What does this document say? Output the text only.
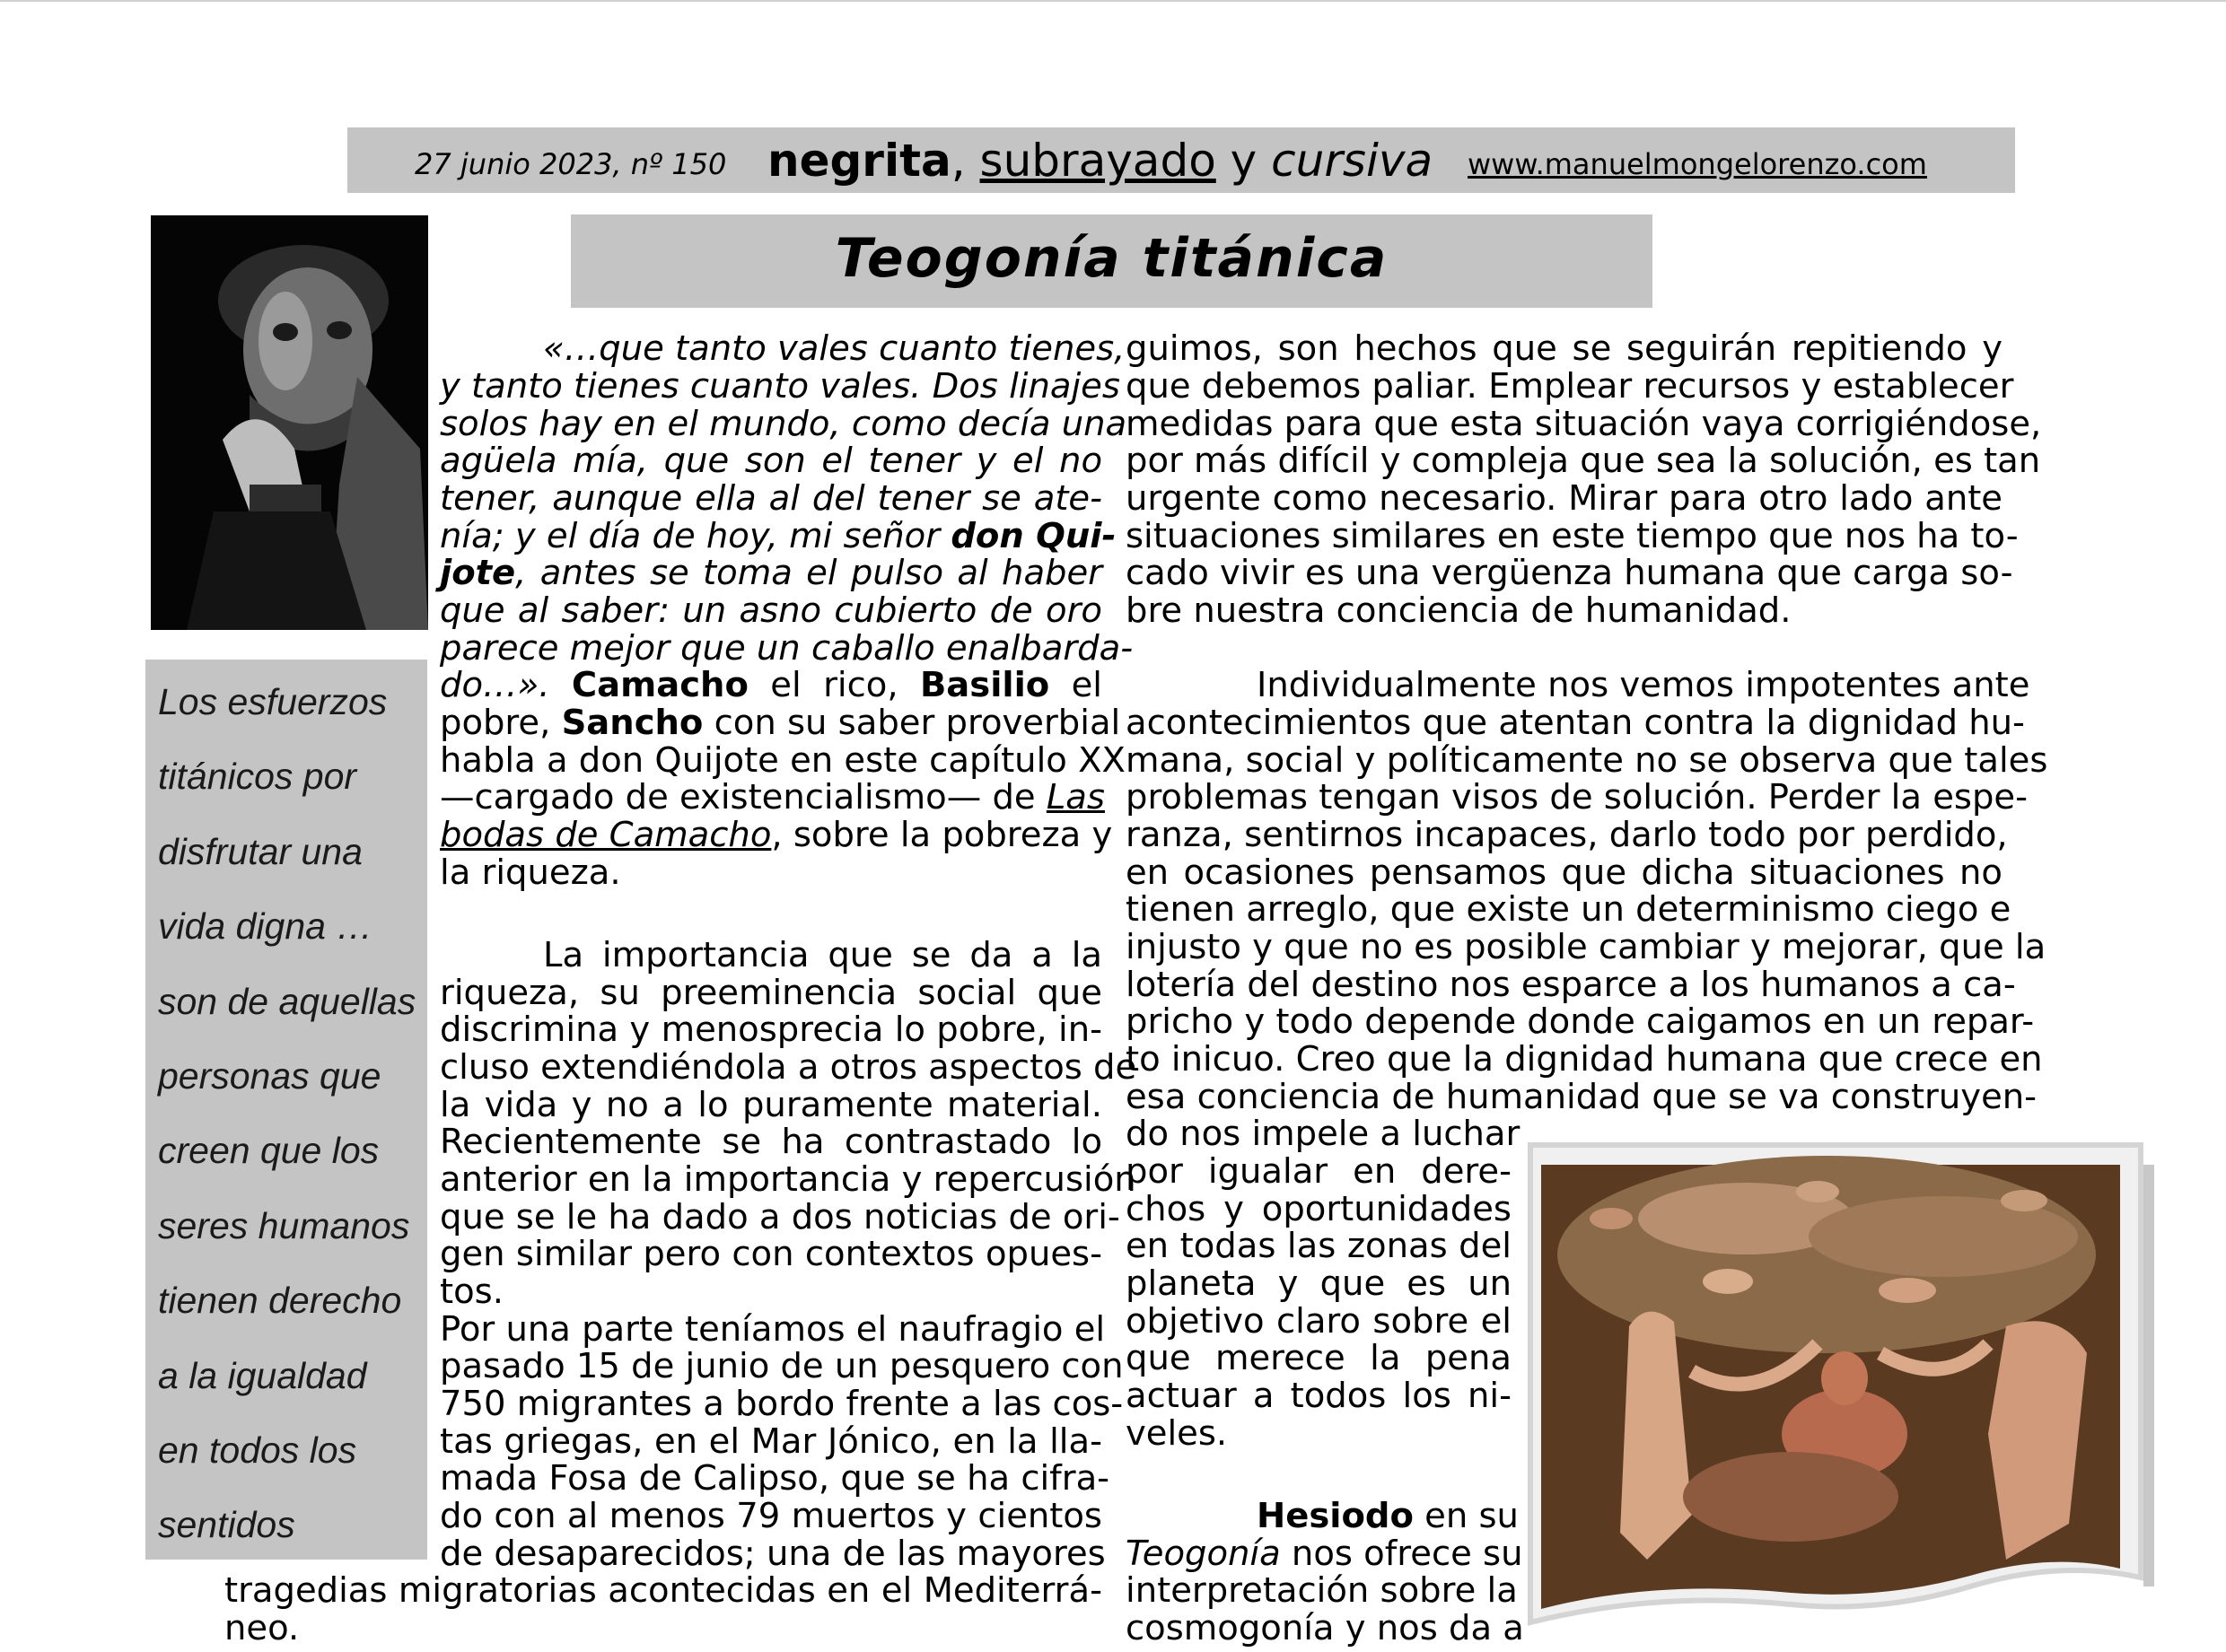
27 junio 2023, nº 150 negrita, subrayado y cursiva www.manuelmongelorenzo.com
Teogonía titánica
Los esfuerzos
titánicos por
disfrutar una
vida digna …
son de aquellas
personas que
creen que los
seres humanos
tienen derecho
a la igualdad
en todos los
sentidos
«…que tanto vales cuanto tienes,
y tanto tienes cuanto vales. Dos linajes
solos hay en el mundo, como decía una
agüela mía, que son el tener y el no
tener, aunque ella al del tener se ate-
nía; y el día de hoy, mi señor don Qui-
jote, antes se toma el pulso al haber
que al saber: un asno cubierto de oro
parece mejor que un caballo enalbarda-
do…». Camacho el rico, Basilio el
pobre, Sancho con su saber proverbial
habla a don Quijote en este capítulo XX
—cargado de existencialismo— de Las
bodas de Camacho, sobre la pobreza y
la riqueza.
La importancia que se da a la
riqueza, su preeminencia social que
discrimina y menosprecia lo pobre, in-
cluso extendiéndola a otros aspectos de
la vida y no a lo puramente material.
Recientemente se ha contrastado lo
anterior en la importancia y repercusión
que se le ha dado a dos noticias de ori-
gen similar pero con contextos opues-
tos.
Por una parte teníamos el naufragio el
pasado 15 de junio de un pesquero con
750 migrantes a bordo frente a las cos-
tas griegas, en el Mar Jónico, en la lla-
mada Fosa de Calipso, que se ha cifra-
do con al menos 79 muertos y cientos
de desaparecidos; una de las mayores
tragedias migratorias acontecidas en el Mediterrá-
neo.
guimos, son hechos que se seguirán repitiendo y
que debemos paliar. Emplear recursos y establecer
medidas para que esta situación vaya corrigiéndose,
por más difícil y compleja que sea la solución, es tan
urgente como necesario. Mirar para otro lado ante
situaciones similares en este tiempo que nos ha to-
cado vivir es una vergüenza humana que carga so-
bre nuestra conciencia de humanidad.
Individualmente nos vemos impotentes ante
acontecimientos que atentan contra la dignidad hu-
mana, social y políticamente no se observa que tales
problemas tengan visos de solución. Perder la espe-
ranza, sentirnos incapaces, darlo todo por perdido,
en ocasiones pensamos que dicha situaciones no
tienen arreglo, que existe un determinismo ciego e
injusto y que no es posible cambiar y mejorar, que la
lotería del destino nos esparce a los humanos a ca-
pricho y todo depende donde caigamos en un repar-
to inicuo. Creo que la dignidad humana que crece en
esa conciencia de humanidad que se va construyen-
do nos impele a luchar
por igualar en dere-
chos y oportunidades
en todas las zonas del
planeta y que es un
objetivo claro sobre el
que merece la pena
actuar a todos los ni-
veles.
Hesiodo en su
Teogonía nos ofrece su
interpretación sobre la
cosmogonía y nos da a
